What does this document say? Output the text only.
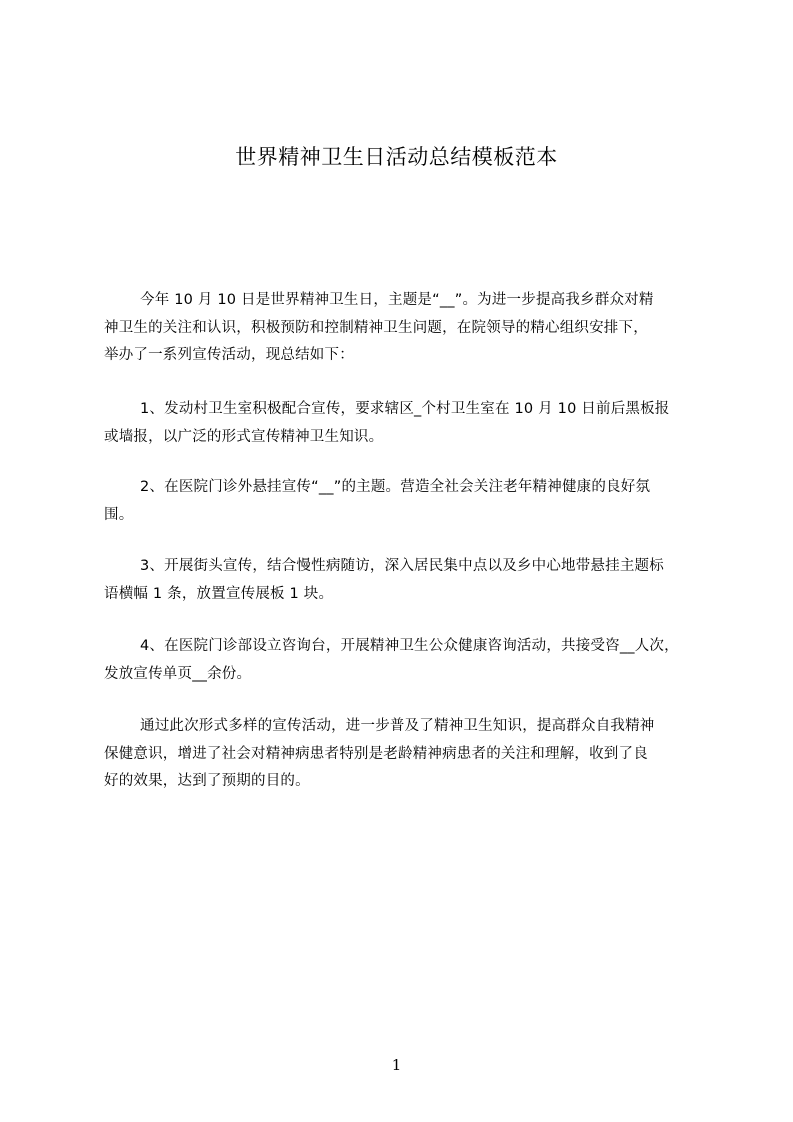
世界精神卫生日活动总结模板范本

今年 10 月 10 日是世界精神卫生日，主题是“__”。为进一步提高我乡群众对精
神卫生的关注和认识，积极预防和控制精神卫生问题，在院领导的精心组织安排下，
举办了一系列宣传活动，现总结如下：

1、发动村卫生室积极配合宣传，要求辖区_个村卫生室在 10 月 10 日前后黑板报
或墙报，以广泛的形式宣传精神卫生知识。

2、在医院门诊外悬挂宣传“__”的主题。营造全社会关注老年精神健康的良好氛
围。

3、开展街头宣传，结合慢性病随访，深入居民集中点以及乡中心地带悬挂主题标
语横幅 1 条，放置宣传展板 1 块。

4、在医院门诊部设立咨询台，开展精神卫生公众健康咨询活动，共接受咨__人次，
发放宣传单页__余份。

通过此次形式多样的宣传活动，进一步普及了精神卫生知识，提高群众自我精神
保健意识，增进了社会对精神病患者特别是老龄精神病患者的关注和理解，收到了良
好的效果，达到了预期的目的。

1
